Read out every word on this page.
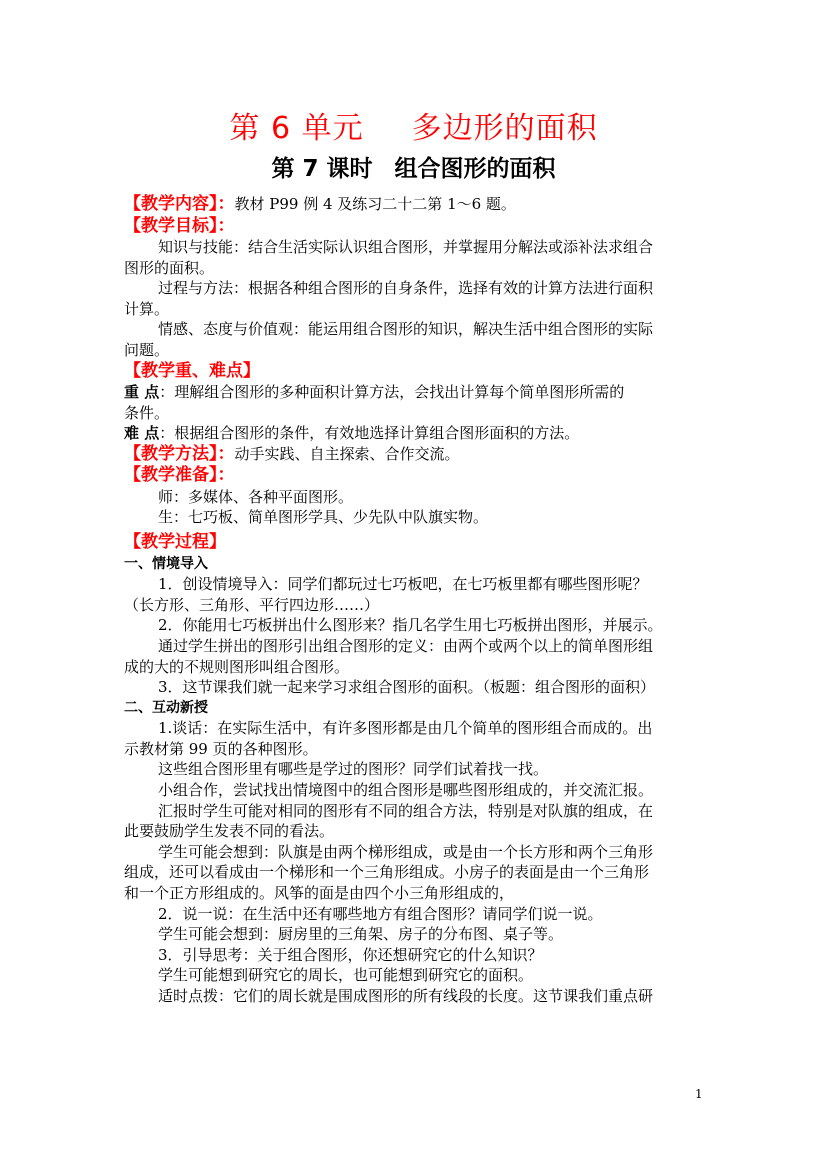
第 6 单元 多边形的面积
第 7 课时 组合图形的面积
【教学内容】：教材 P99 例 4 及练习二十二第 1～6 题。
【教学目标】：
知识与技能：结合生活实际认识组合图形，并掌握用分解法或添补法求组合
图形的面积。
过程与方法：根据各种组合图形的自身条件，选择有效的计算方法进行面积
计算。
情感、态度与价值观：能运用组合图形的知识，解决生活中组合图形的实际
问题。
【教学重、难点】
重 点：理解组合图形的多种面积计算方法，会找出计算每个简单图形所需的
条件。
难 点：根据组合图形的条件，有效地选择计算组合图形面积的方法。
【教学方法】：动手实践、自主探索、合作交流。
【教学准备】：
师：多媒体、各种平面图形。
生：七巧板、简单图形学具、少先队中队旗实物。
【教学过程】
一、情境导入
1．创设情境导入：同学们都玩过七巧板吧，在七巧板里都有哪些图形呢？
（长方形、三角形、平行四边形……）
2．你能用七巧板拼出什么图形来？指几名学生用七巧板拼出图形，并展示。
通过学生拼出的图形引出组合图形的定义：由两个或两个以上的简单图形组
成的大的不规则图形叫组合图形。
3．这节课我们就一起来学习求组合图形的面积。（板题：组合图形的面积）
二、互动新授
1.谈话：在实际生活中，有许多图形都是由几个简单的图形组合而成的。出
示教材第 99 页的各种图形。
这些组合图形里有哪些是学过的图形？同学们试着找一找。
小组合作，尝试找出情境图中的组合图形是哪些图形组成的，并交流汇报。
汇报时学生可能对相同的图形有不同的组合方法，特别是对队旗的组成，在
此要鼓励学生发表不同的看法。
学生可能会想到：队旗是由两个梯形组成，或是由一个长方形和两个三角形
组成，还可以看成由一个梯形和一个三角形组成。小房子的表面是由一个三角形
和一个正方形组成的。风筝的面是由四个小三角形组成的，
2．说一说：在生活中还有哪些地方有组合图形？请同学们说一说。
学生可能会想到：厨房里的三角架、房子的分布图、桌子等。
3．引导思考：关于组合图形，你还想研究它的什么知识？
学生可能想到研究它的周长，也可能想到研究它的面积。
适时点拨：它们的周长就是围成图形的所有线段的长度。这节课我们重点研
1
